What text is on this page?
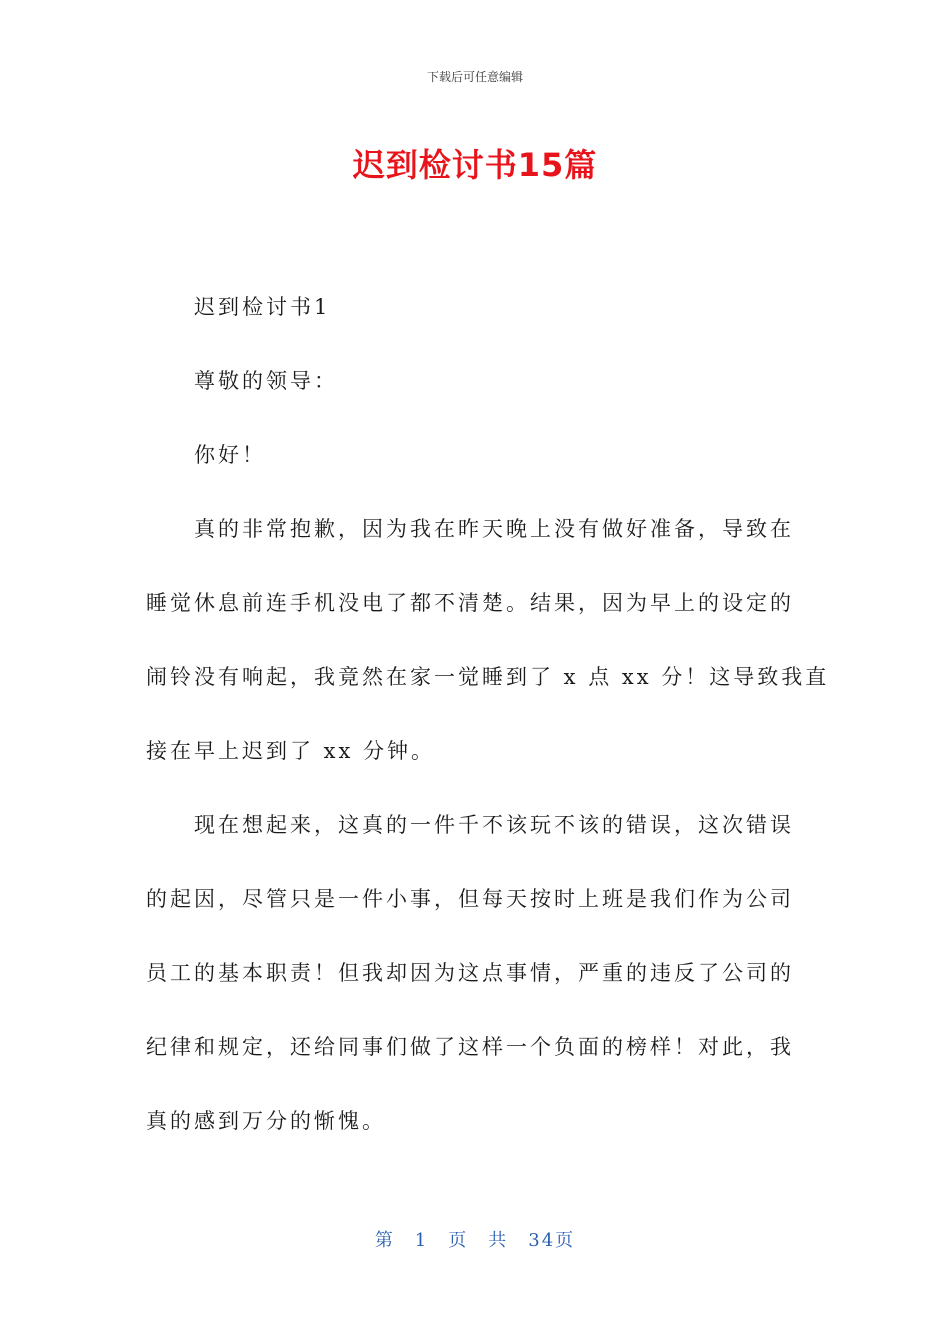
下载后可任意编辑
迟到检讨书15篇
迟到检讨书1
尊敬的领导：
你好！
真的非常抱歉，因为我在昨天晚上没有做好准备，导致在
睡觉休息前连手机没电了都不清楚。结果，因为早上的设定的
闹铃没有响起，我竟然在家一觉睡到了 x 点 xx 分！这导致我直
接在早上迟到了 xx 分钟。
现在想起来，这真的一件千不该玩不该的错误，这次错误
的起因，尽管只是一件小事，但每天按时上班是我们作为公司
员工的基本职责！但我却因为这点事情，严重的违反了公司的
纪律和规定，还给同事们做了这样一个负面的榜样！对此，我
真的感到万分的惭愧。
第　1　页　共　34页
